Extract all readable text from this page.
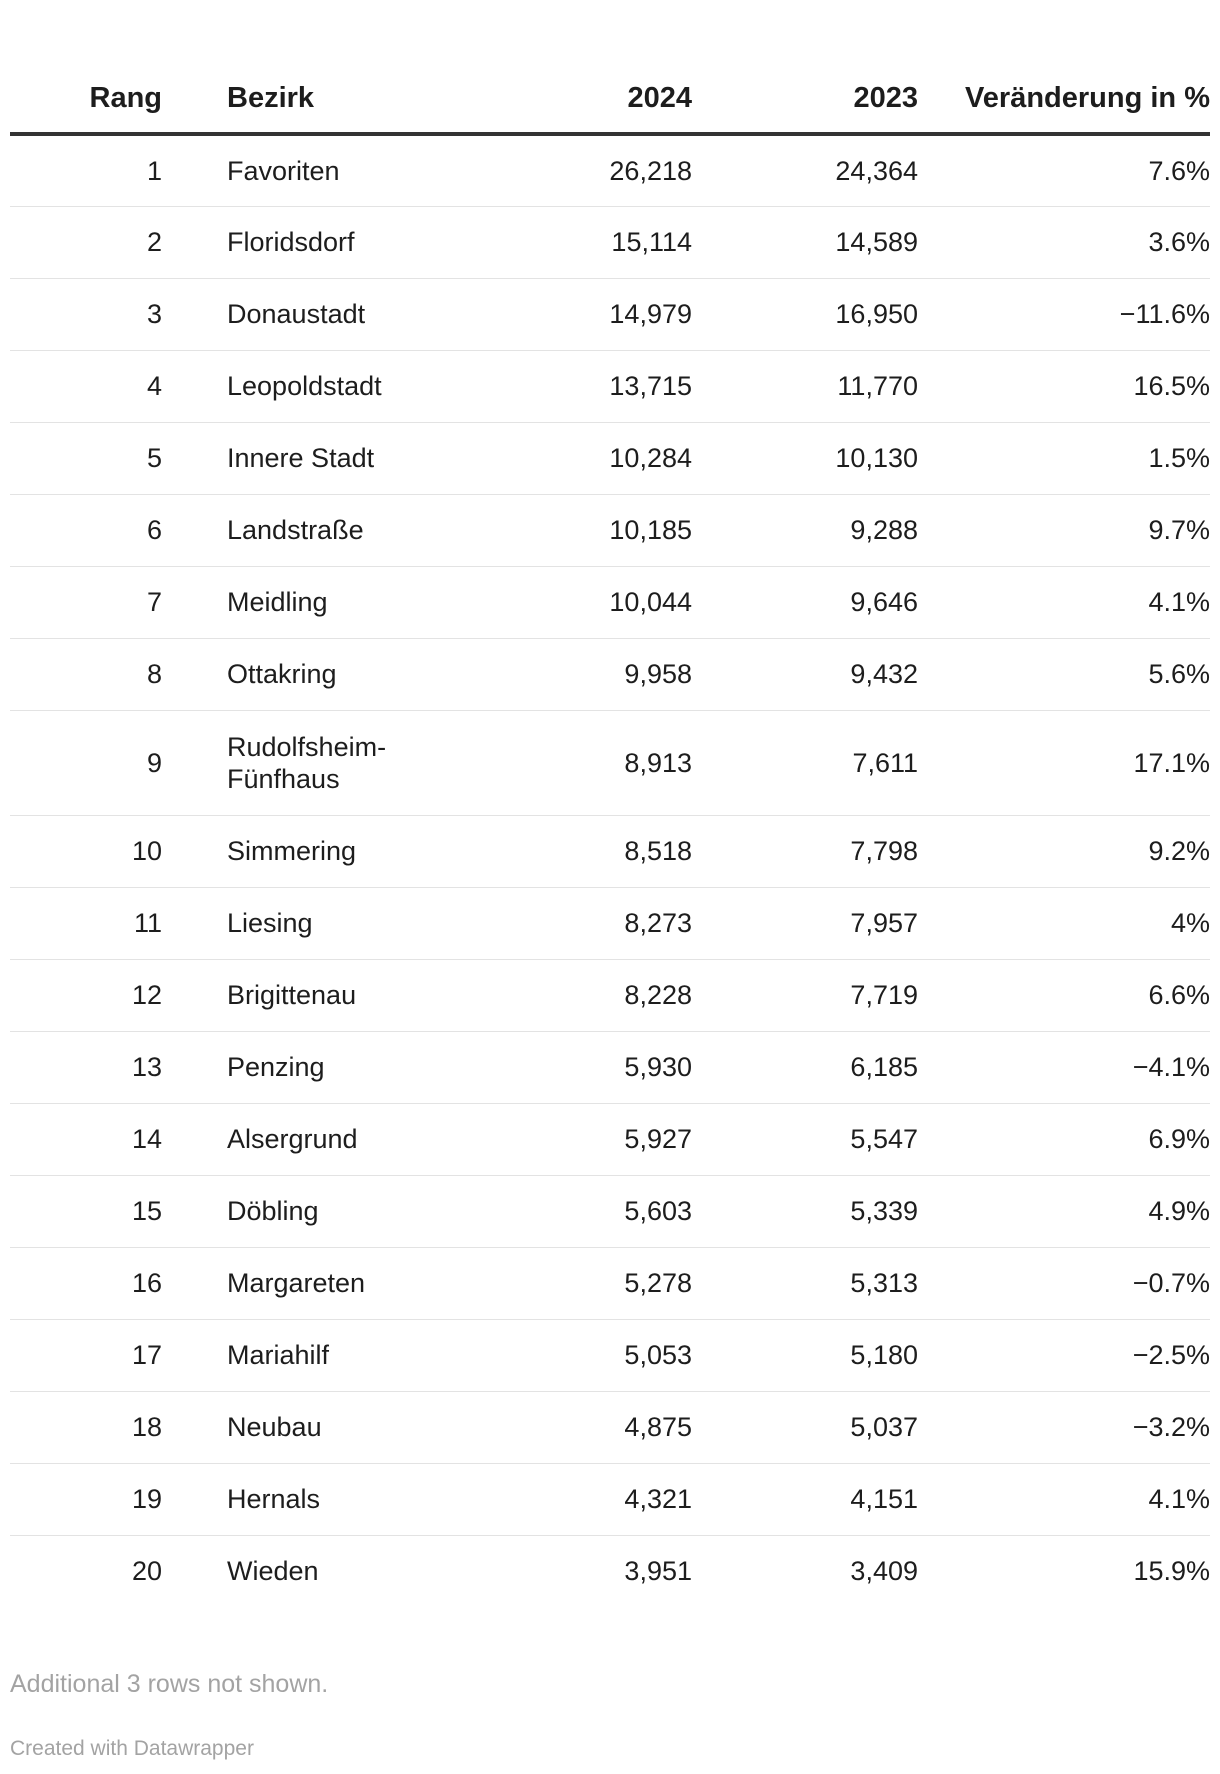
Rang	Bezirk	2024	2023	Veränderung in %
1	Favoriten	26,218	24,364	7.6%
2	Floridsdorf	15,114	14,589	3.6%
3	Donaustadt	14,979	16,950	−11.6%
4	Leopoldstadt	13,715	11,770	16.5%
5	Innere Stadt	10,284	10,130	1.5%
6	Landstraße	10,185	9,288	9.7%
7	Meidling	10,044	9,646	4.1%
8	Ottakring	9,958	9,432	5.6%
9	Rudolfsheim-Fünfhaus	8,913	7,611	17.1%
10	Simmering	8,518	7,798	9.2%
11	Liesing	8,273	7,957	4%
12	Brigittenau	8,228	7,719	6.6%
13	Penzing	5,930	6,185	−4.1%
14	Alsergrund	5,927	5,547	6.9%
15	Döbling	5,603	5,339	4.9%
16	Margareten	5,278	5,313	−0.7%
17	Mariahilf	5,053	5,180	−2.5%
18	Neubau	4,875	5,037	−3.2%
19	Hernals	4,321	4,151	4.1%
20	Wieden	3,951	3,409	15.9%
Additional 3 rows not shown.
Created with Datawrapper
